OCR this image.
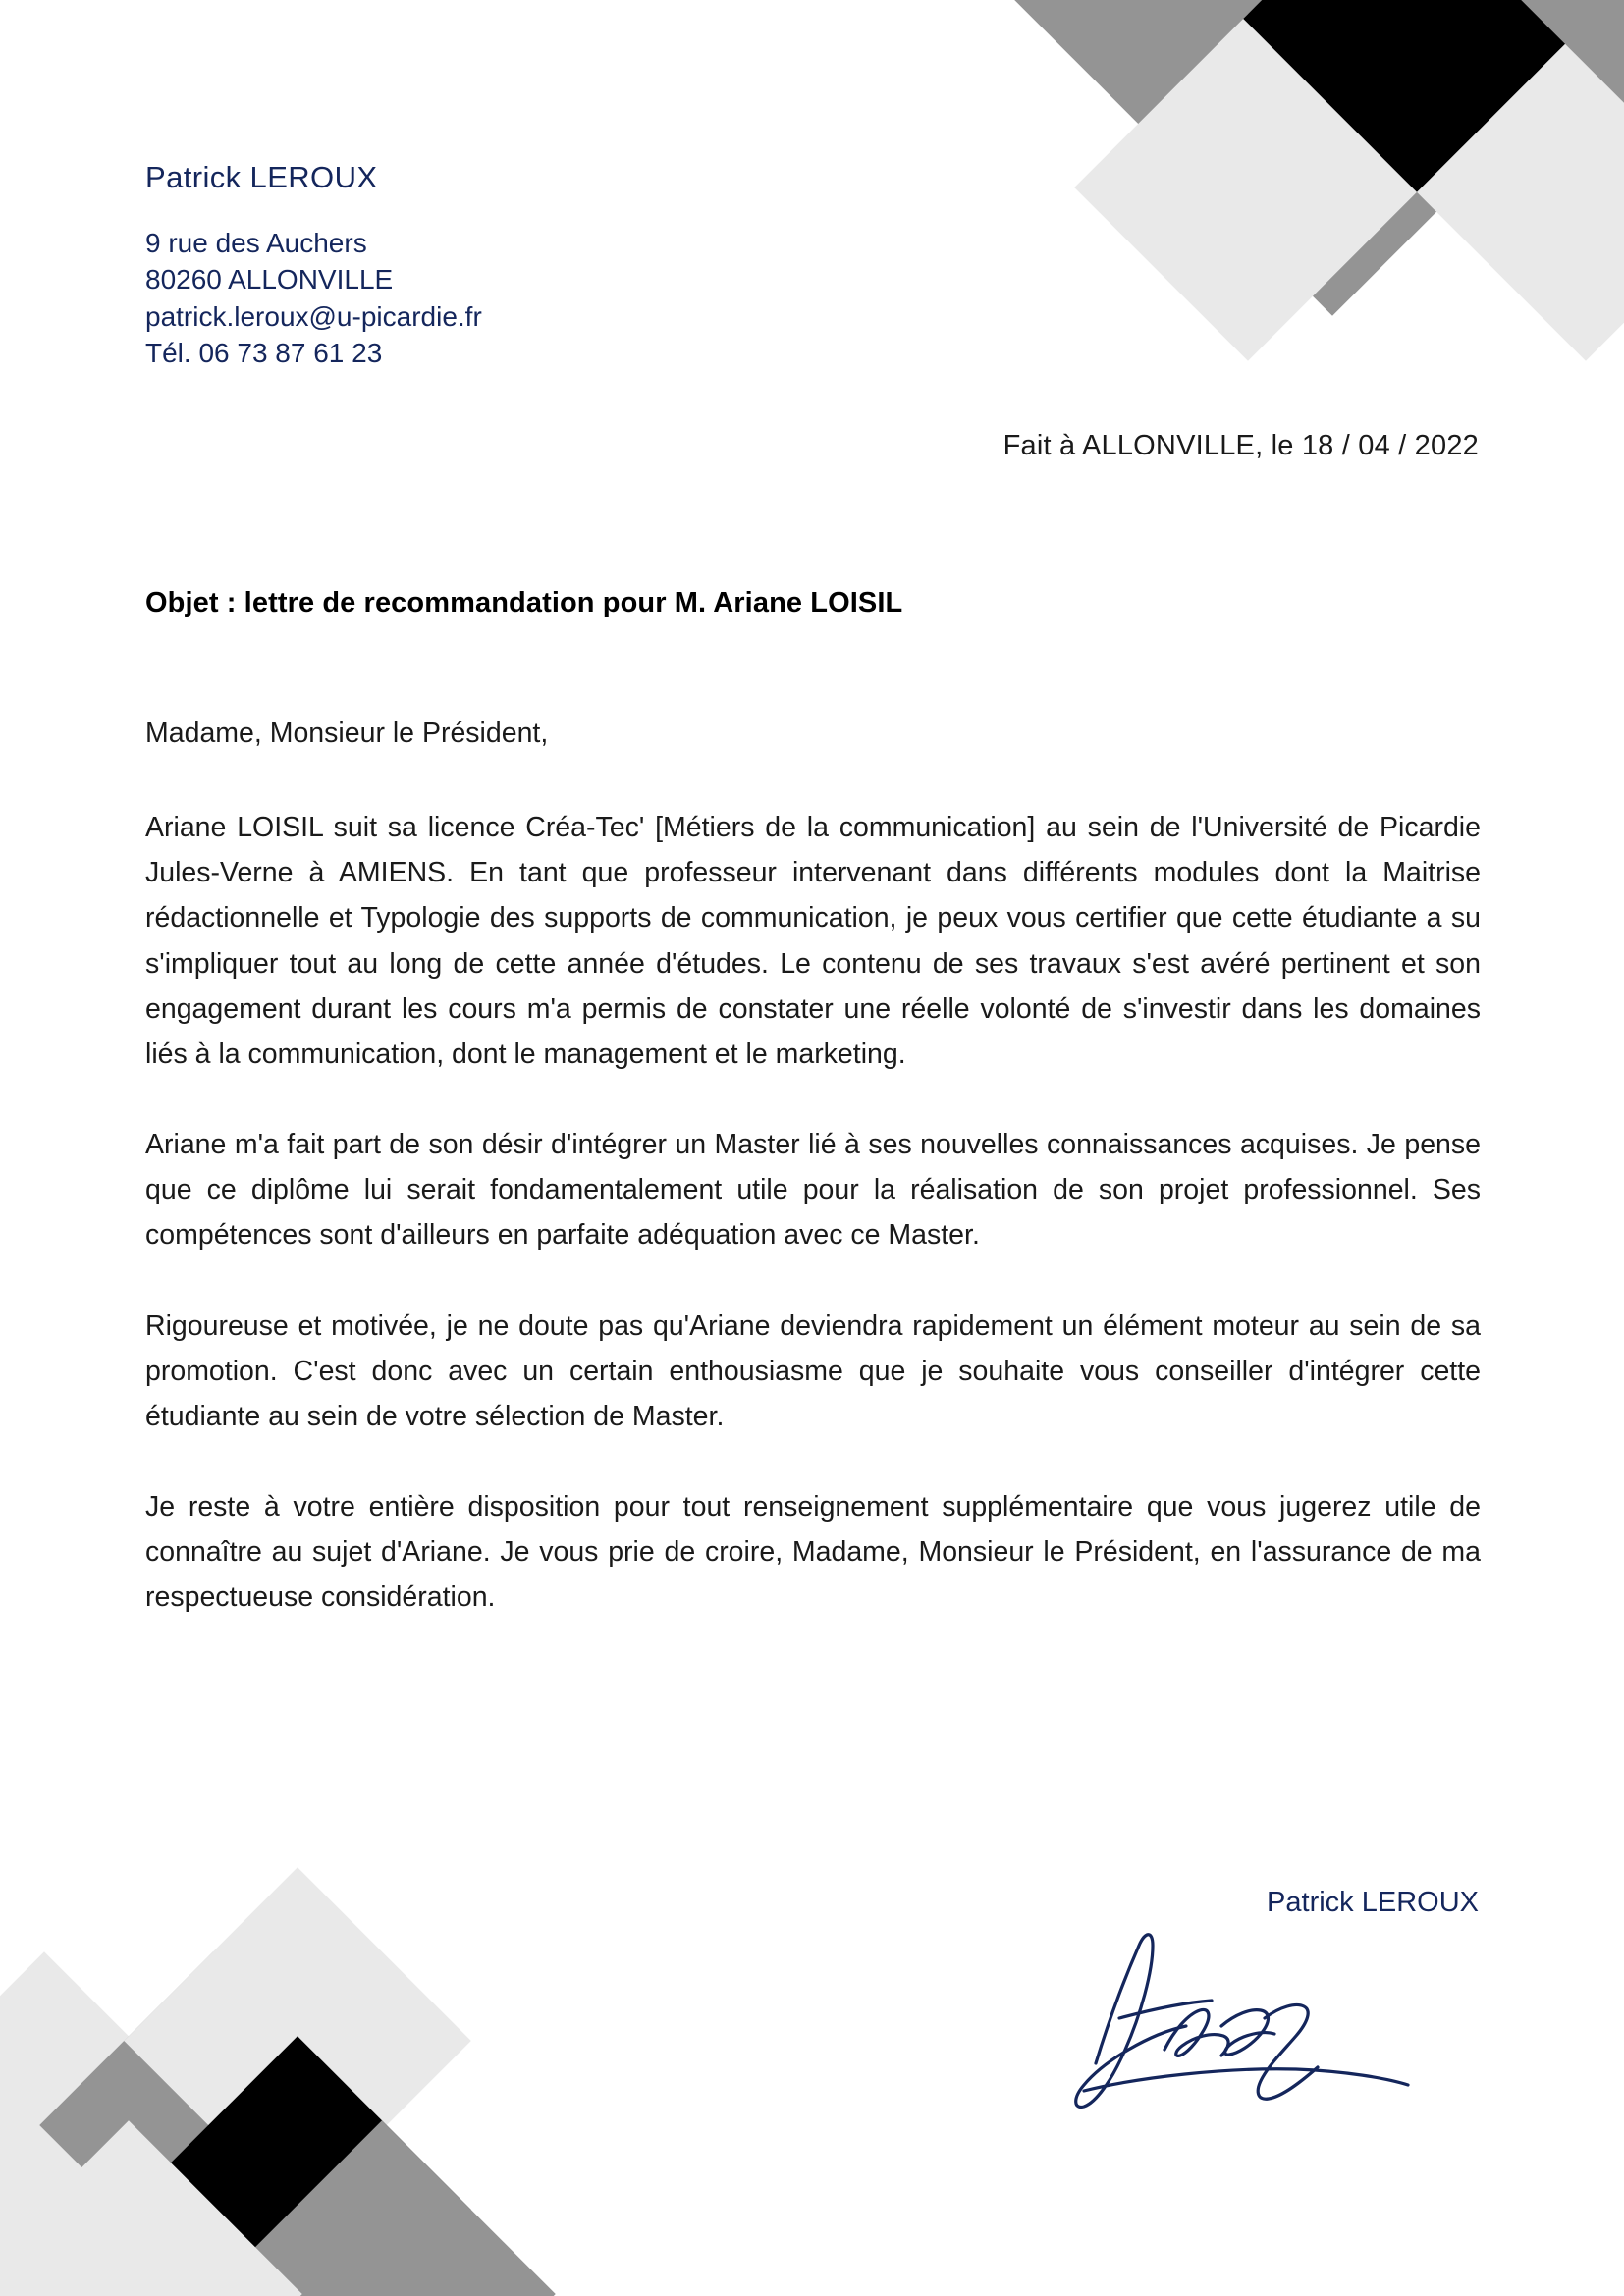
Patrick LEROUX
9 rue des Auchers
80260 ALLONVILLE
patrick.leroux@u-picardie.fr
Tél. 06 73 87 61 23
Fait à ALLONVILLE, le 18 / 04 / 2022
Objet : lettre de recommandation pour M. Ariane LOISIL

Madame, Monsieur le Président,

Ariane LOISIL suit sa licence Créa-Tec' [Métiers de la communication] au sein de l'Université de Picardie Jules-Verne à AMIENS. En tant que professeur intervenant dans différents modules dont la Maitrise rédactionnelle et Typologie des supports de communication, je peux vous certifier que cette étudiante a su s'impliquer tout au long de cette année d'études. Le contenu de ses travaux s'est avéré pertinent et son engagement durant les cours m'a permis de constater une réelle volonté de s'investir dans les domaines liés à la communication, dont le management et le marketing.

Ariane m'a fait part de son désir d'intégrer un Master lié à ses nouvelles connaissances acquises. Je pense que ce diplôme lui serait fondamentalement utile pour la réalisation de son projet professionnel. Ses compétences sont d'ailleurs en parfaite adéquation avec ce Master.

Rigoureuse et motivée, je ne doute pas qu'Ariane deviendra rapidement un élément moteur au sein de sa promotion. C'est donc avec un certain enthousiasme que je souhaite vous conseiller d'intégrer cette étudiante au sein de votre sélection de Master.

Je reste à votre entière disposition pour tout renseignement supplémentaire que vous jugerez utile de connaître au sujet d'Ariane. Je vous prie de croire, Madame, Monsieur le Président, en l'assurance de ma respectueuse considération.

Patrick LEROUX
